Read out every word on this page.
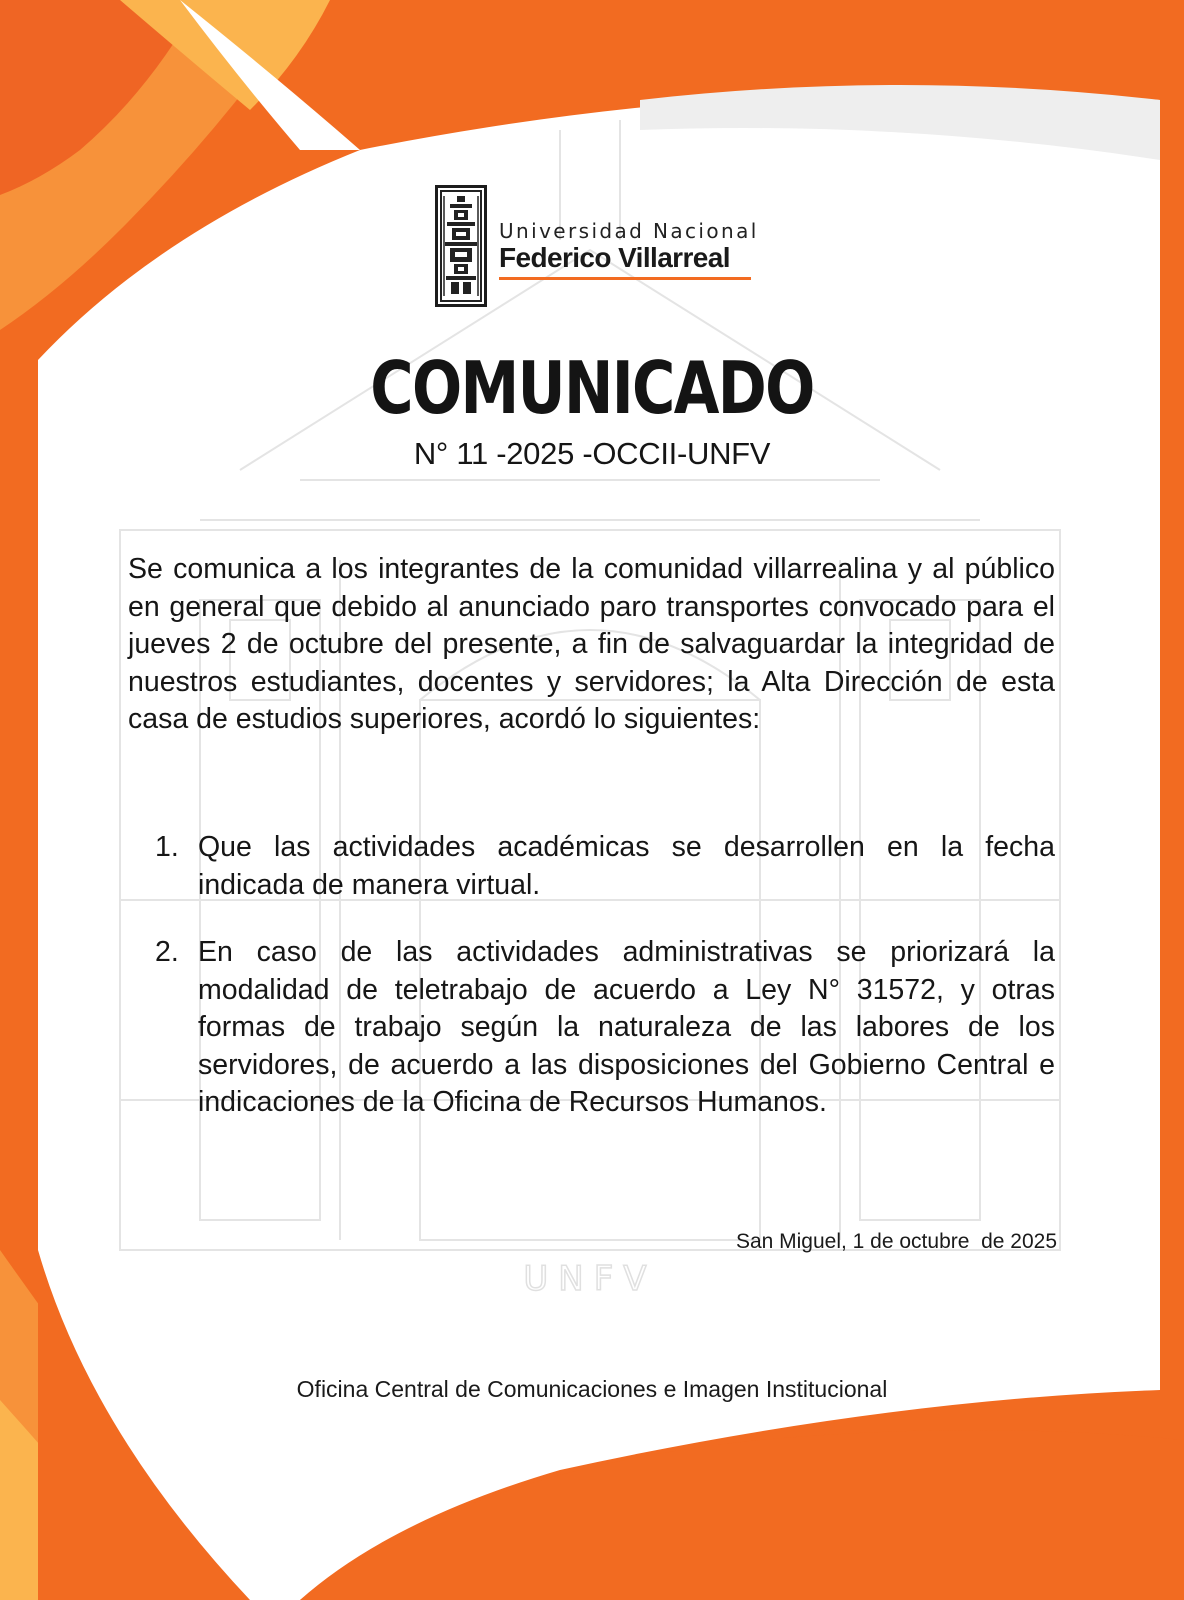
UNFV
Universidad Nacional
Federico Villarreal
COMUNICADO
N° 11 -2025 -OCCII-UNFV
Se comunica a los integrantes de la comunidad villarrealina y al público en general que debido al anunciado paro transportes convocado para el jueves 2 de octubre del presente, a fin de salvaguardar la integridad de nuestros estudiantes, docentes y servidores; la Alta Dirección de esta casa de estudios superiores, acordó lo siguientes:
1. Que las actividades académicas se desarrollen en la fecha indicada de manera virtual.
2. En caso de las actividades administrativas se priorizará la modalidad de teletrabajo de acuerdo a Ley N° 31572, y otras formas de trabajo según la naturaleza de las labores de los servidores, de acuerdo a las disposiciones del Gobierno Central e indicaciones de la Oficina de Recursos Humanos.
San Miguel, 1 de octubre  de 2025
Oficina Central de Comunicaciones e Imagen Institucional
